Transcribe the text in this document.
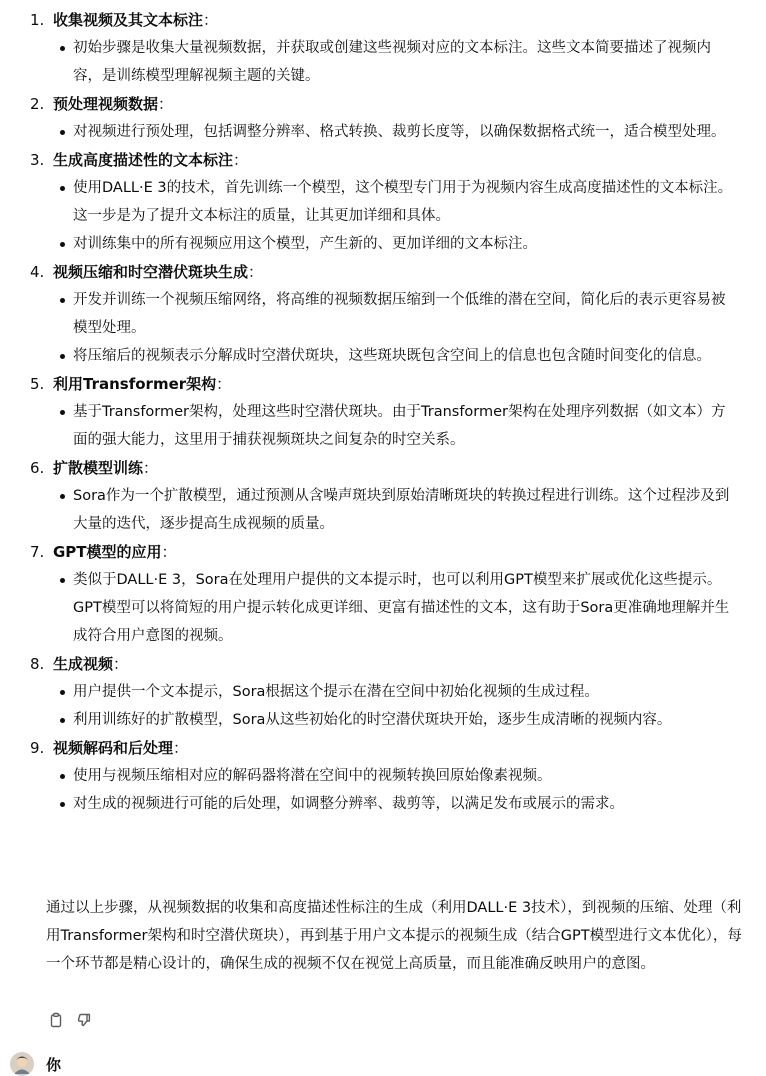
1. 收集视频及其文本标注：
初始步骤是收集大量视频数据，并获取或创建这些视频对应的文本标注。这些文本简要描述了视频内容，是训练模型理解视频主题的关键。
2. 预处理视频数据：
对视频进行预处理，包括调整分辨率、格式转换、裁剪长度等，以确保数据格式统一，适合模型处理。
3. 生成高度描述性的文本标注：
使用DALL·E 3的技术，首先训练一个模型，这个模型专门用于为视频内容生成高度描述性的文本标注。这一步是为了提升文本标注的质量，让其更加详细和具体。
对训练集中的所有视频应用这个模型，产生新的、更加详细的文本标注。
4. 视频压缩和时空潜伏斑块生成：
开发并训练一个视频压缩网络，将高维的视频数据压缩到一个低维的潜在空间，简化后的表示更容易被模型处理。
将压缩后的视频表示分解成时空潜伏斑块，这些斑块既包含空间上的信息也包含随时间变化的信息。
5. 利用Transformer架构：
基于Transformer架构，处理这些时空潜伏斑块。由于Transformer架构在处理序列数据（如文本）方面的强大能力，这里用于捕获视频斑块之间复杂的时空关系。
6. 扩散模型训练：
Sora作为一个扩散模型，通过预测从含噪声斑块到原始清晰斑块的转换过程进行训练。这个过程涉及到大量的迭代，逐步提高生成视频的质量。
7. GPT模型的应用：
类似于DALL·E 3，Sora在处理用户提供的文本提示时，也可以利用GPT模型来扩展或优化这些提示。GPT模型可以将简短的用户提示转化成更详细、更富有描述性的文本，这有助于Sora更准确地理解并生成符合用户意图的视频。
8. 生成视频：
用户提供一个文本提示，Sora根据这个提示在潜在空间中初始化视频的生成过程。
利用训练好的扩散模型，Sora从这些初始化的时空潜伏斑块开始，逐步生成清晰的视频内容。
9. 视频解码和后处理：
使用与视频压缩相对应的解码器将潜在空间中的视频转换回原始像素视频。
对生成的视频进行可能的后处理，如调整分辨率、裁剪等，以满足发布或展示的需求。

通过以上步骤，从视频数据的收集和高度描述性标注的生成（利用DALL·E 3技术），到视频的压缩、处理（利用Transformer架构和时空潜伏斑块），再到基于用户文本提示的视频生成（结合GPT模型进行文本优化），每一个环节都是精心设计的，确保生成的视频不仅在视觉上高质量，而且能准确反映用户的意图。

你
